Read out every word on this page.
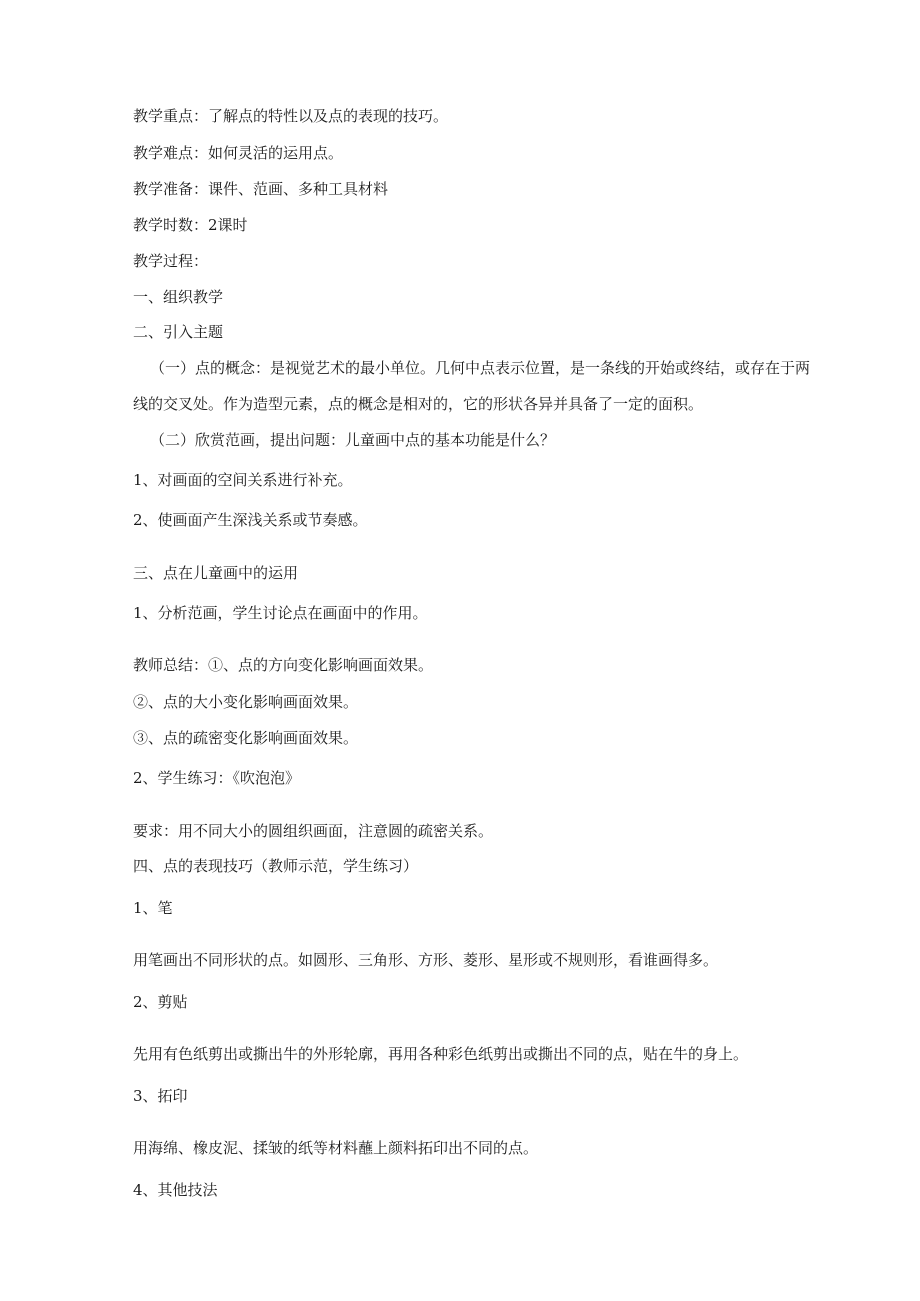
教学重点：了解点的特性以及点的表现的技巧。
教学难点：如何灵活的运用点。
教学准备：课件、范画、多种工具材料
教学时数：2课时
教学过程：
一、组织教学
二、引入主题
（一）点的概念：是视觉艺术的最小单位。几何中点表示位置，是一条线的开始或终结，或存在于两线的交叉处。作为造型元素，点的概念是相对的，它的形状各异并具备了一定的面积。
（二）欣赏范画，提出问题：儿童画中点的基本功能是什么？
1、对画面的空间关系进行补充。
2、使画面产生深浅关系或节奏感。
三、点在儿童画中的运用
1、分析范画，学生讨论点在画面中的作用。
教师总结：①、点的方向变化影响画面效果。
②、点的大小变化影响画面效果。
③、点的疏密变化影响画面效果。
2、学生练习：《吹泡泡》
要求：用不同大小的圆组织画面，注意圆的疏密关系。
四、点的表现技巧（教师示范，学生练习）
1、笔
用笔画出不同形状的点。如圆形、三角形、方形、菱形、星形或不规则形，看谁画得多。
2、剪贴
先用有色纸剪出或撕出牛的外形轮廓，再用各种彩色纸剪出或撕出不同的点，贴在牛的身上。
3、拓印
用海绵、橡皮泥、揉皱的纸等材料蘸上颜料拓印出不同的点。
4、其他技法
